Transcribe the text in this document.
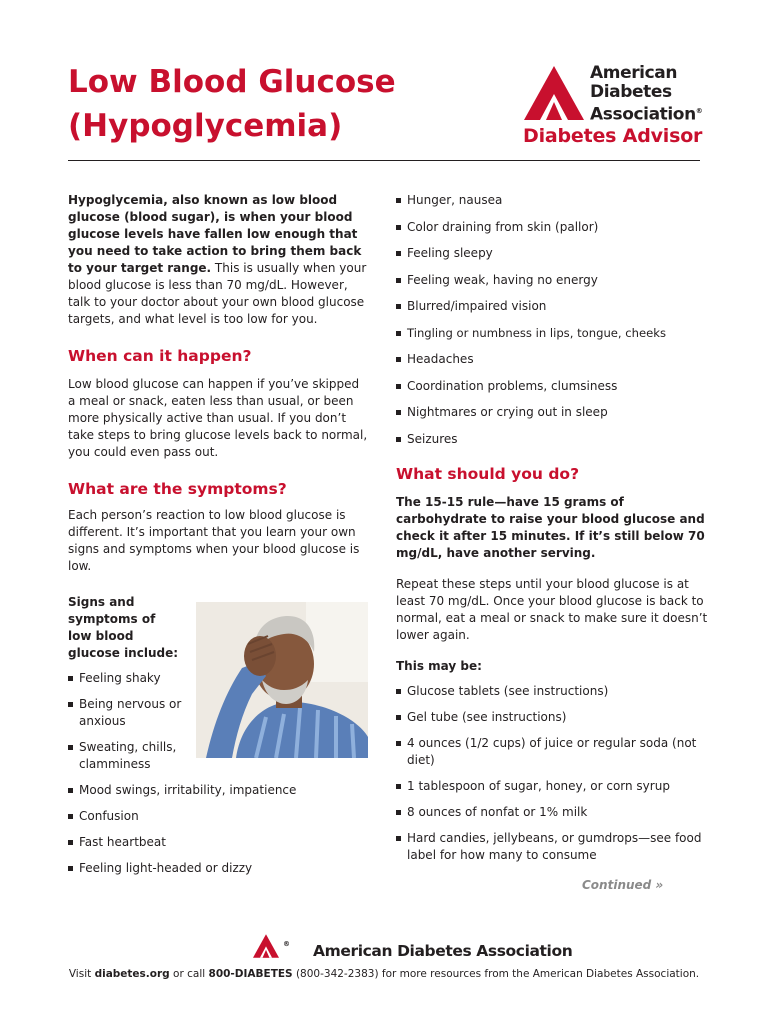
Low Blood Glucose
(Hypoglycemia)
American
Diabetes
Association®
Diabetes Advisor

Hypoglycemia, also known as low blood glucose (blood sugar), is when your blood glucose levels have fallen low enough that you need to take action to bring them back to your target range. This is usually when your blood glucose is less than 70 mg/dL. However, talk to your doctor about your own blood glucose targets, and what level is too low for you.

When can it happen?

Low blood glucose can happen if you’ve skipped a meal or snack, eaten less than usual, or been more physically active than usual. If you don’t take steps to bring glucose levels back to normal, you could even pass out.

What are the symptoms?

Each person’s reaction to low blood glucose is different. It’s important that you learn your own signs and symptoms when your blood glucose is low.

Signs and symptoms of low blood glucose include:

Feeling shaky
Being nervous or anxious
Sweating, chills, clamminess
Mood swings, irritability, impatience
Confusion
Fast heartbeat
Feeling light-headed or dizzy
Hunger, nausea
Color draining from skin (pallor)
Feeling sleepy
Feeling weak, having no energy
Blurred/impaired vision
Tingling or numbness in lips, tongue, cheeks
Headaches
Coordination problems, clumsiness
Nightmares or crying out in sleep
Seizures
What should you do?

The 15-15 rule—have 15 grams of carbohydrate to raise your blood glucose and check it after 15 minutes. If it’s still below 70 mg/dL, have another serving.

Repeat these steps until your blood glucose is at least 70 mg/dL. Once your blood glucose is back to normal, eat a meal or snack to make sure it doesn’t lower again.

This may be:

Glucose tablets (see instructions)
Gel tube (see instructions)
4 ounces (1/2 cups) of juice or regular soda (not diet)
1 tablespoon of sugar, honey, or corn syrup
8 ounces of nonfat or 1% milk
Hard candies, jellybeans, or gumdrops—see food label for how many to consume
Continued »
American Diabetes Association
®
Visit diabetes.org or call 800-DIABETES (800-342-2383) for more resources from the American Diabetes Association.
